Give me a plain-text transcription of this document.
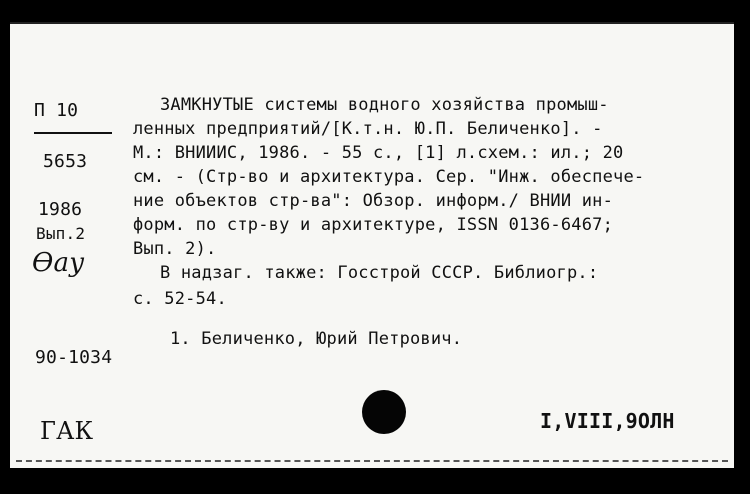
П 10
5653
1986
Вып.2
Ѳау
90-1034
ЗАМКНУТЫЕ системы водного хозяйства промыш-
ленных предприятий/[К.т.н. Ю.П. Беличенко]. -
М.: ВНИИИС, 1986. - 55 с., [1] л.схем.: ил.; 20
см. - (Стр-во и архитектура. Сер. "Инж. обеспече-
ние объектов стр-ва": Обзор. информ./ ВНИИ ин-
форм. по стр-ву и архитектуре, ISSN 0136-6467;
Вып. 2).
В надзаг. также: Госстрой СССР. Библиогр.:
с. 52-54.
1. Беличенко, Юрий Петрович.
ГАК	I,VIII,9ОЛН
